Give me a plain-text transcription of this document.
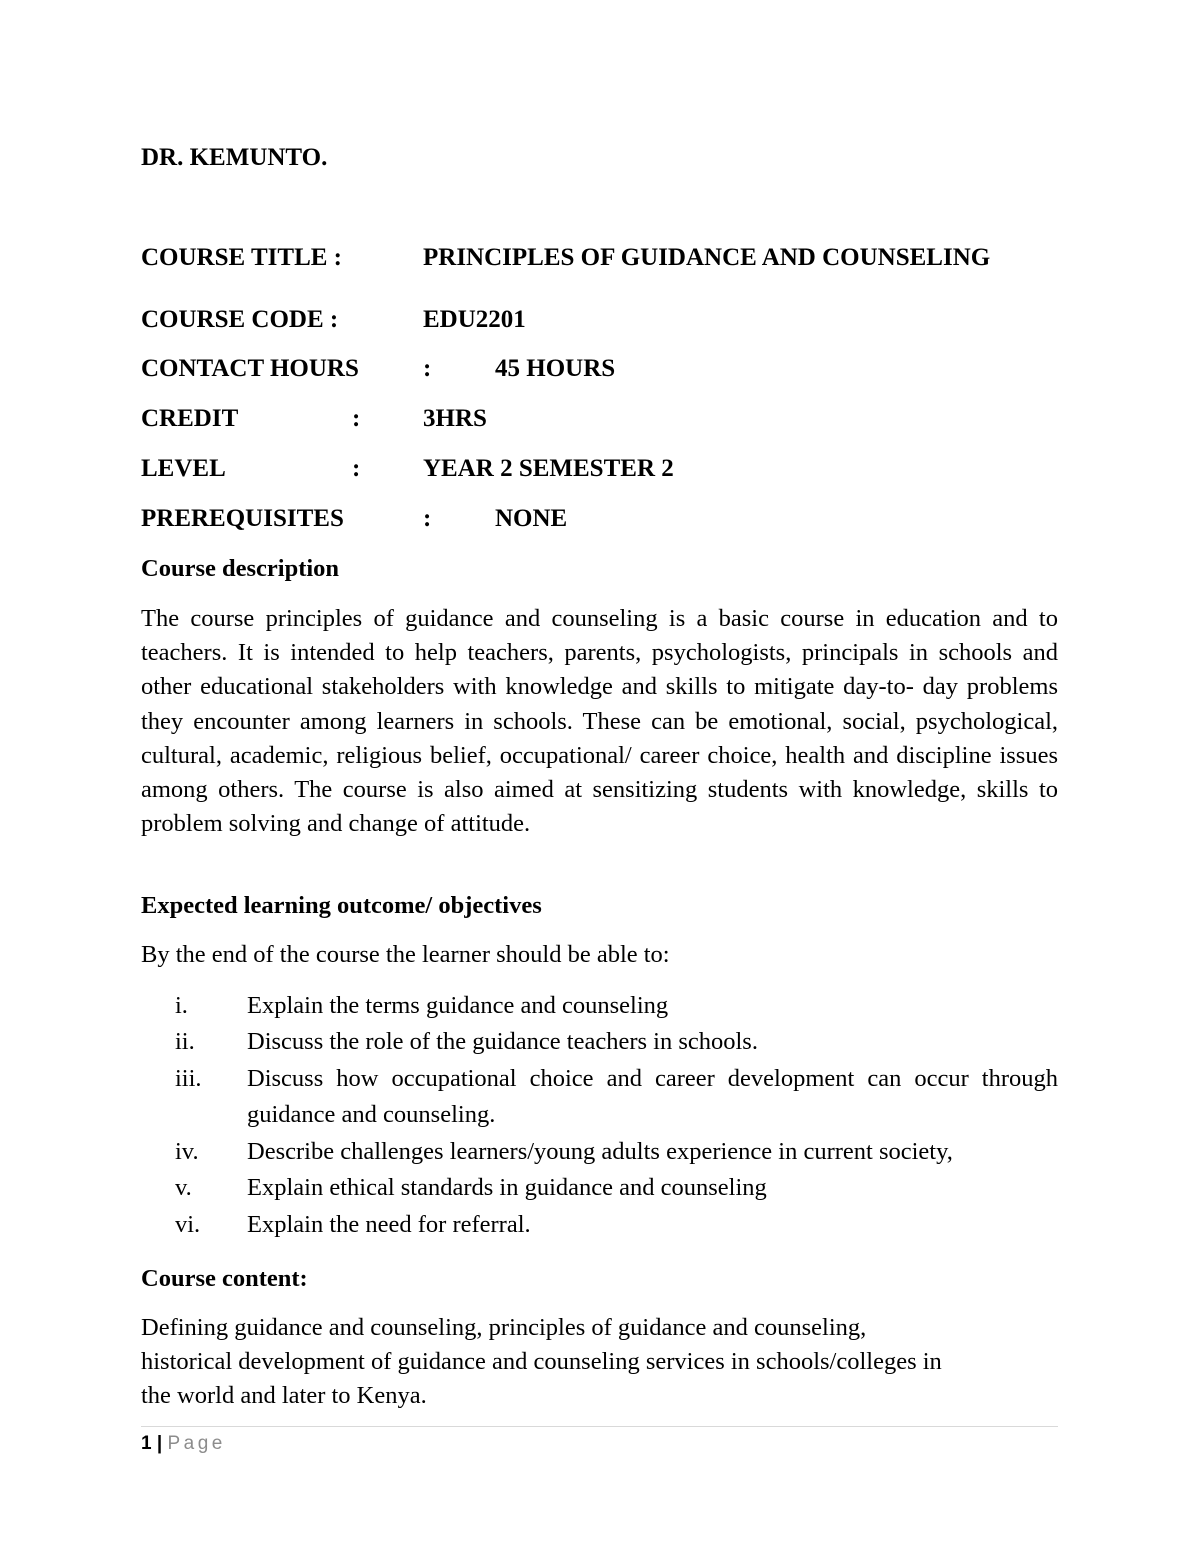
DR. KEMUNTO.
COURSE TITLE :	PRINCIPLES OF GUIDANCE AND COUNSELING
COURSE CODE :	EDU2201
CONTACT HOURS	:	45 HOURS
CREDIT	:	3HRS
LEVEL	:	YEAR 2 SEMESTER 2
PREREQUISITES	:	NONE
Course description
The course principles of guidance and counseling is a basic course in education and to teachers. It is intended to help teachers, parents, psychologists, principals in schools and other educational stakeholders with knowledge and skills to mitigate day-to- day problems they encounter among learners in schools. These can be emotional, social, psychological, cultural, academic, religious belief, occupational/ career choice, health and discipline issues among others. The course is also aimed at sensitizing students with knowledge, skills to problem solving and change of attitude.
Expected learning outcome/ objectives
By the end of the course the learner should be able to:
i. Explain the terms guidance and counseling
ii. Discuss the role of the guidance teachers in schools.
iii. Discuss how occupational choice and career development can occur through guidance and counseling.
iv. Describe challenges learners/young adults experience in current society,
v. Explain ethical standards in guidance and counseling
vi. Explain the need for referral.
Course content:
Defining guidance and counseling, principles of guidance and counseling,
historical development of guidance and counseling services in schools/colleges in
the world and later to Kenya.
1 | Page
